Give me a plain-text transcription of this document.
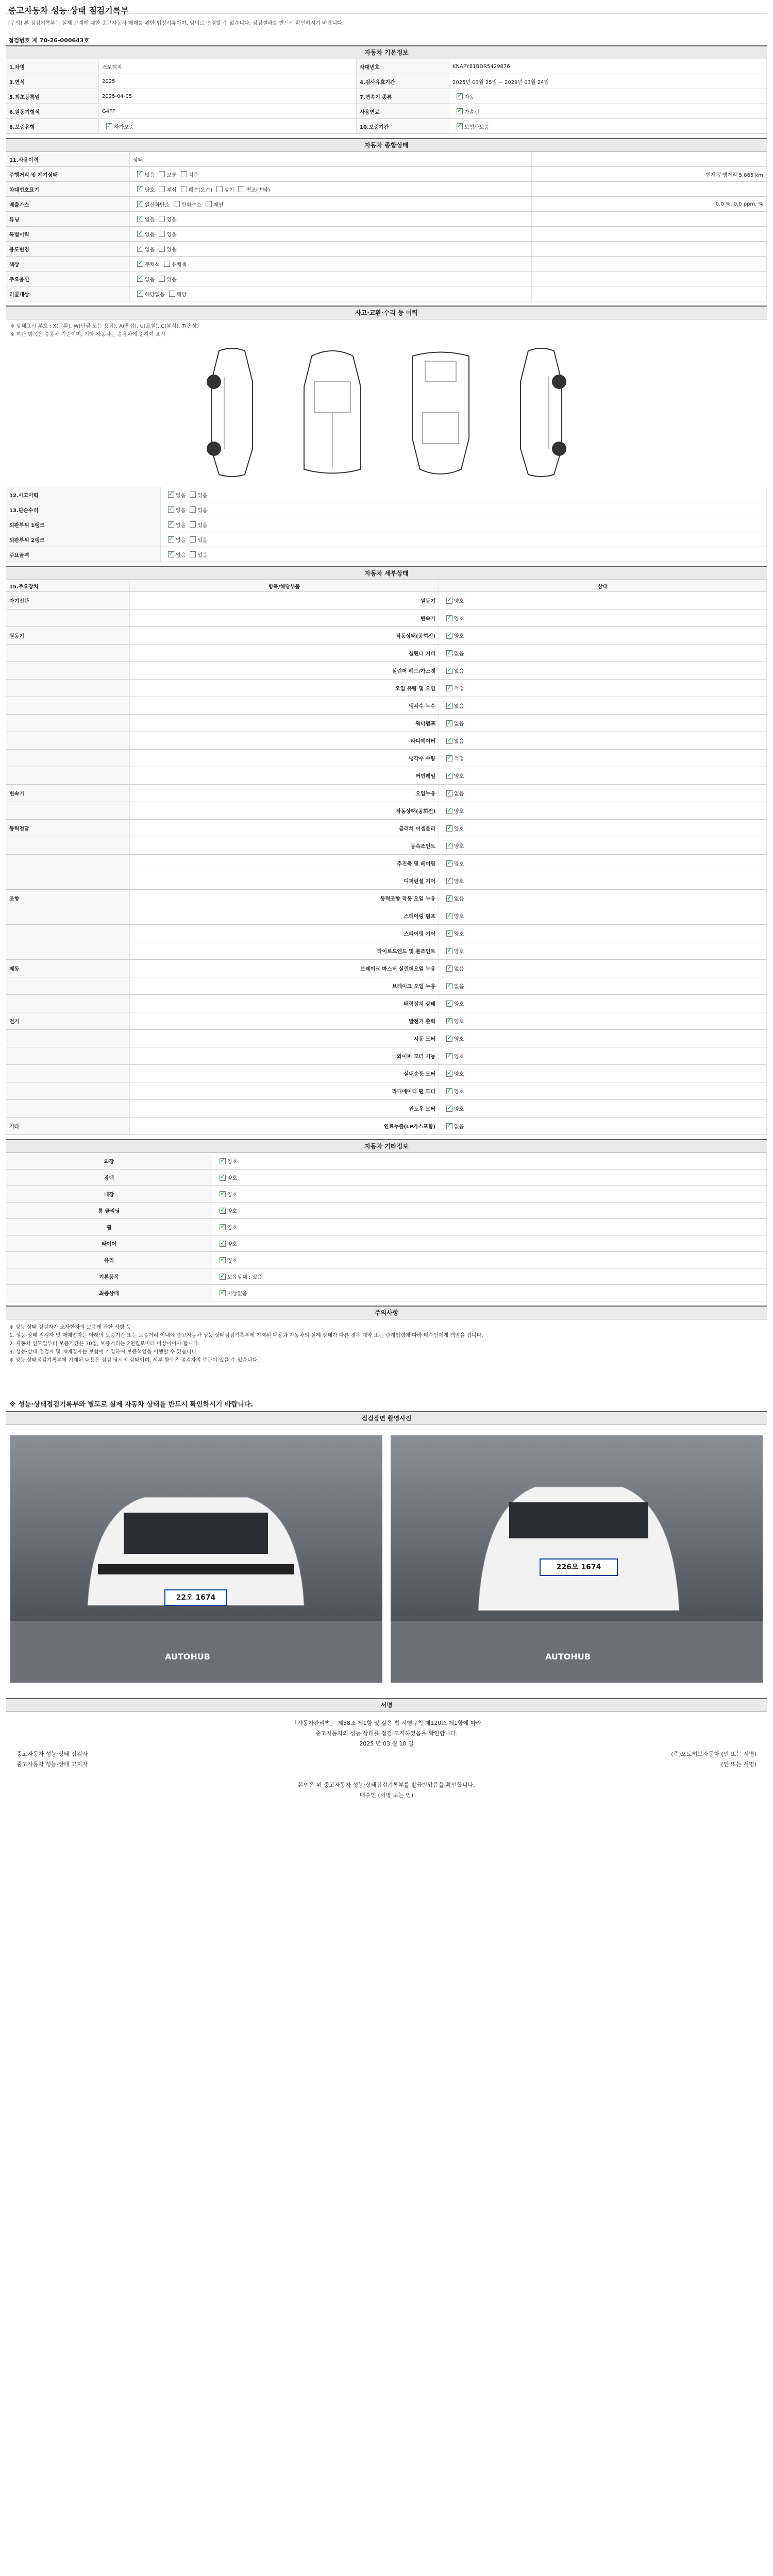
중고자동차 성능·상태 점검기록부
[주의] 본 점검기록부는 실제 고객에 대한 중고자동차 매매를 위한 법정서류이며, 임의로 변경할 수 없습니다. 점검결과를 반드시 확인하시기 바랍니다.
점검번호 제 70-26-000643호
자동차 기본정보
1.차명	스포티지	차대번호	KNAPY81BDR5429876
3.연식	2025	4.검사유효기간	2025년 03월 25일 ~ 2029년 03월 24일
5.최초등록일	2025-04-05	7.변속기 종류 ✓	자동
6.원동기형식	G4FP	사용연료 ✓	가솔린
8.보증유형 ✓	자가보증	10.보증기간 ✓	보험사보증
자동차 종합상태
11.사용이력	상태
주행거리 및 계기상태 ✓	많음 보통 적음	현재 주행거리 5,865 km
차대번호표기 ✓	양호 부식 훼손(오손) 상이 변조(변타)
배출가스 ✓	일산화탄소 탄화수소 매연	0.0 %, 0.0 ppm, %
튜닝 ✓	없음 있음
특별이력 ✓	없음 있음
용도변경 ✓	없음 있음
색상 ✓	무채색 유채색
주요옵션 ✓	없음 있음
리콜대상 ✓	해당없음 해당
사고·교환·수리 등 이력
※ 상태표시 부호 : X(교환), W(판금 또는 용접), A(흠집), U(요철), C(부식), T(손상)
※ 하단 항목은 승용차 기준이며, 기타 자동차는 승용차에 준하여 표시
12.사고이력 ✓	없음 있음
13.단순수리 ✓	없음 있음
외판부위 1랭크 ✓	없음 있음
외판부위 2랭크 ✓	없음 있음
주요골격 ✓	없음 있음
자동차 세부상태
15.주요장치	항목/해당부품	상태
자기진단	원동기 ✓	양호
변속기 ✓	양호
원동기	작동상태(공회전) ✓	양호
실린더 커버 ✓	없음
실린더 헤드/가스켓 ✓	없음
오일 유량 및 오염 ✓	적정
냉각수 누수 ✓	없음
워터펌프 ✓	없음
라디에이터 ✓	없음
냉각수 수량 ✓	적정
커먼레일 ✓	양호
변속기	오일누유 ✓	없음
작동상태(공회전) ✓	양호
동력전달	클러치 어셈블리 ✓	양호
등속조인트 ✓	양호
추진축 및 베어링 ✓	양호
디퍼런셜 기어 ✓	양호
조향	동력조향 작동 오일 누유 ✓	없음
스티어링 펌프 ✓	양호
스티어링 기어 ✓	양호
타이로드엔드 및 볼조인트 ✓	양호
제동	브레이크 마스터 실린더오일 누유 ✓	없음
브레이크 오일 누유 ✓	없음
배력장치 상태 ✓	양호
전기	발전기 출력 ✓	양호
시동 모터 ✓	양호
와이퍼 모터 기능 ✓	양호
실내송풍 모터 ✓	양호
라디에이터 팬 모터 ✓	양호
윈도우 모터 ✓	양호
기타	연료누출(LP가스포함) ✓	없음
자동차 기타정보
외장 ✓	양호
광택 ✓	양호
내장 ✓	양호
룸 클리닝 ✓	양호
휠 ✓	양호
타이어 ✓	양호
유리 ✓	양호
기본품목 ✓	보유상태 : 있음
최종상태 ✓	이상없음
주의사항
※ 성능·상태 점검자가 조사한자의 보증에 관한 사항 등
1. 성능·상태 점검자 및 매매업자는 아래의 보증기간 또는 보증거리 이내에 중고자동차 성능·상태점검기록부에 기재된 내용과 자동차의 실제 상태가 다른 경우 계약 또는 관계법령에 따라 매수인에게 책임을 집니다.
2. 자동차 인도일부터 보증기간은 30일, 보증거리는 2천킬로미터 이상이어야 합니다.
3. 성능·상태 점검자 및 매매업자는 보험에 가입하여 보증책임을 이행할 수 있습니다.
※ 성능·상태점검기록부에 기재된 내용은 점검 당시의 상태이며, 세부 항목은 점검자의 주관이 있을 수 있습니다.
※ 성능·상태점검기록부와 별도로 실제 자동차 상태를 반드시 확인하시기 바랍니다.
점검장면 촬영사진
22오 1674
AUTOHUB
226오 1674
AUTOHUB
서명
「자동차관리법」 제58조 제1항 및 같은 법 시행규칙 제120조 제1항에 따라
중고자동차의 성능·상태를 점검·고지하였음을 확인합니다.
2025 년 03 월 10 일
중고자동차 성능·상태 점검자	(주)오토허브자동차 (인 또는 서명)
중고자동차 성능·상태 고지자	(인 또는 서명)
본인은 위 중고자동차 성능·상태점검기록부를 발급받았음을 확인합니다.
매수인 (서명 또는 인)
